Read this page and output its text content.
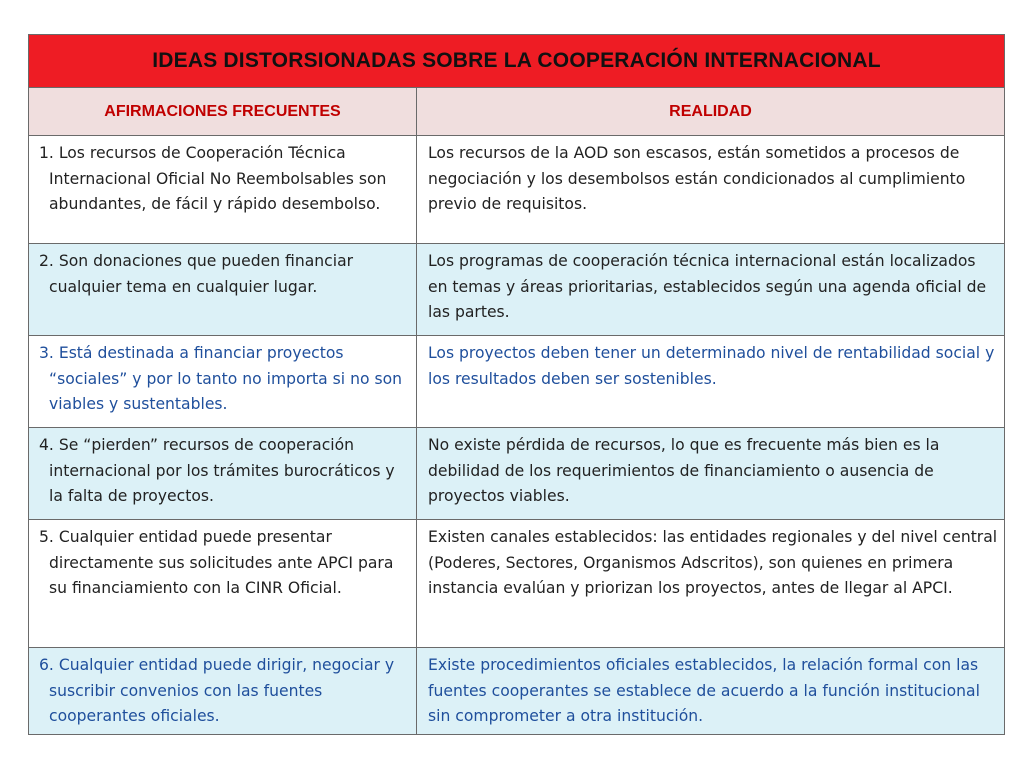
IDEAS DISTORSIONADAS SOBRE LA COOPERACIÓN INTERNACIONAL	
AFIRMACIONES FRECUENTES	REALIDAD

1. Los recursos de Cooperación Técnica Internacional Oficial No Reembolsables son abundantes, de fácil y rápido desembolso.	Los recursos de la AOD son escasos, están sometidos a procesos de negociación y los desembolsos están condicionados al cumplimiento previo de requisitos.

2. Son donaciones que pueden financiar cualquier tema en cualquier lugar.	Los programas de cooperación técnica internacional están localizados en temas y áreas prioritarias, establecidos según una agenda oficial de las partes.

3. Está destinada a financiar proyectos “sociales” y por lo tanto no importa si no son viables y sustentables.	Los proyectos deben tener un determinado nivel de rentabilidad social y los resultados deben ser sostenibles.

4. Se “pierden” recursos de cooperación internacional por los trámites burocráticos y la falta de proyectos.	No existe pérdida de recursos, lo que es frecuente más bien es la debilidad de los requerimientos de financiamiento o ausencia de proyectos viables.

5. Cualquier entidad puede presentar directamente sus solicitudes ante APCI para su financiamiento con la CINR Oficial.	Existen canales establecidos: las entidades regionales y del nivel central (Poderes, Sectores, Organismos Adscritos), son quienes en primera instancia evalúan y priorizan los proyectos, antes de llegar al APCI.

6. Cualquier entidad puede dirigir, negociar y suscribir convenios con las fuentes cooperantes oficiales.	Existe procedimientos oficiales establecidos, la relación formal con las fuentes cooperantes se establece de acuerdo a la función institucional sin comprometer a otra institución.
